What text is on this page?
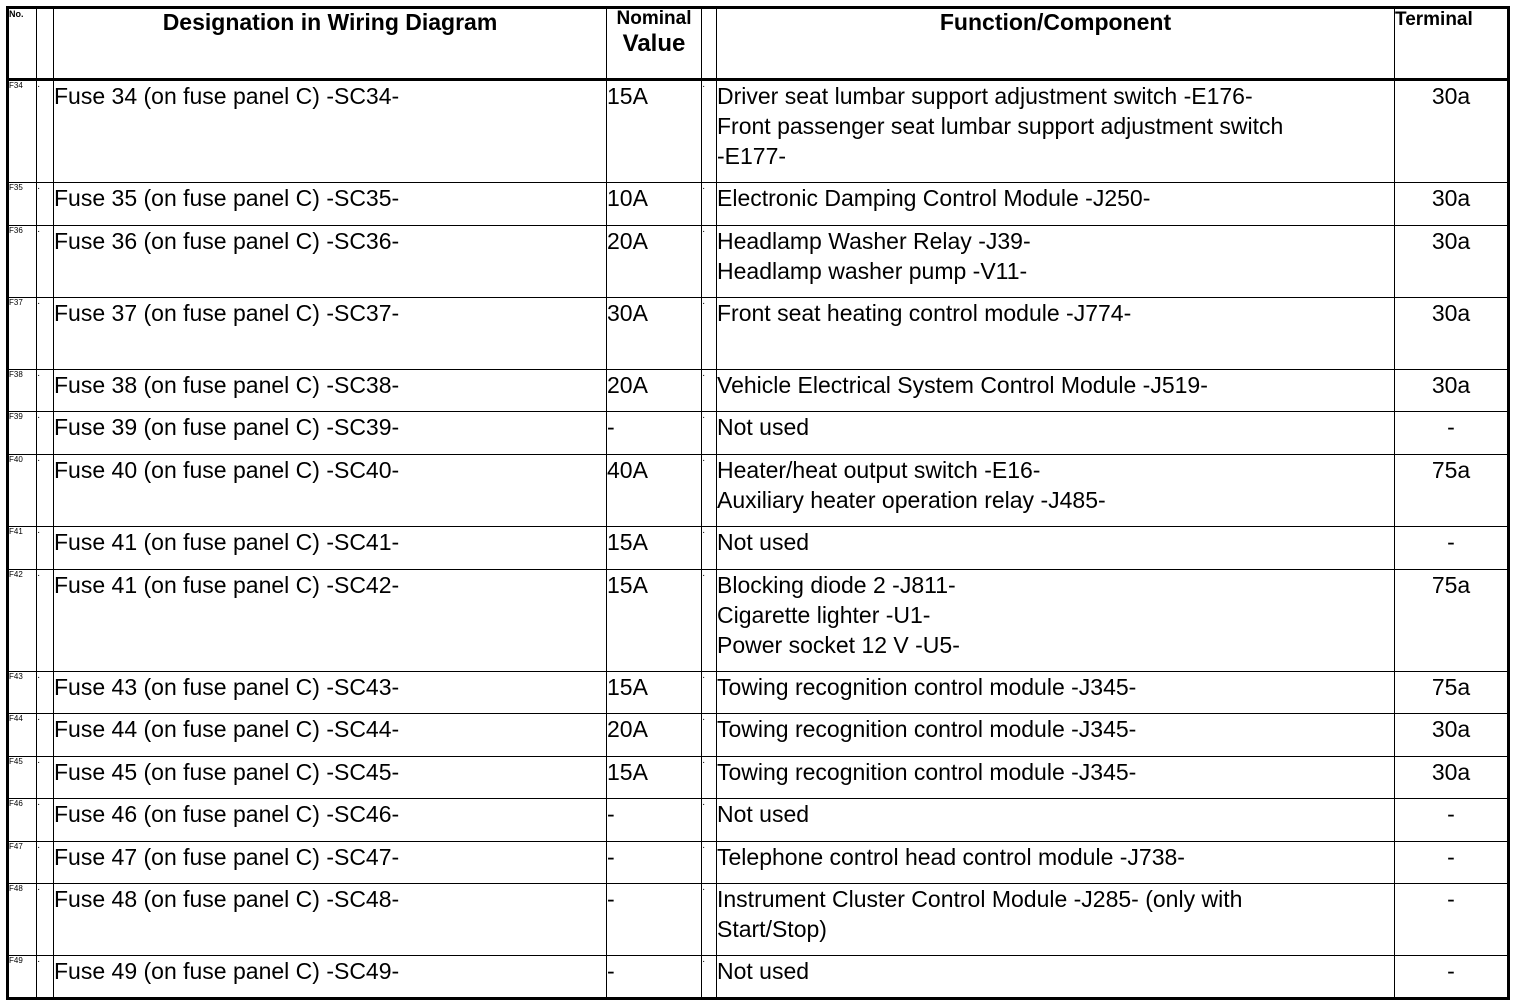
No.		Designation in Wiring Diagram	Nominal
Value		Function/Component	Terminal
F34	·	Fuse 34 (on fuse panel C) -SC34-	15A	·	Driver seat lumbar support adjustment switch -E176-
Front passenger seat lumbar support adjustment switch
-E177-	30a
F35	·	Fuse 35 (on fuse panel C) -SC35-	10A	·	Electronic Damping Control Module -J250-	30a
F36	·	Fuse 36 (on fuse panel C) -SC36-	20A	·	Headlamp Washer Relay -J39-
Headlamp washer pump -V11-	30a
F37	·	Fuse 37 (on fuse panel C) -SC37-	30A	·	Front seat heating control module -J774-	30a
F38	·	Fuse 38 (on fuse panel C) -SC38-	20A	·	Vehicle Electrical System Control Module -J519-	30a
F39	·	Fuse 39 (on fuse panel C) -SC39-	-	·	Not used	-
F40	·	Fuse 40 (on fuse panel C) -SC40-	40A	·	Heater/heat output switch -E16-
Auxiliary heater operation relay -J485-	75a
F41	·	Fuse 41 (on fuse panel C) -SC41-	15A	·	Not used	-
F42	·	Fuse 41 (on fuse panel C) -SC42-	15A	·	Blocking diode 2 -J811-
Cigarette lighter -U1-
Power socket 12 V -U5-	75a
F43	·	Fuse 43 (on fuse panel C) -SC43-	15A	·	Towing recognition control module -J345-	75a
F44	·	Fuse 44 (on fuse panel C) -SC44-	20A	·	Towing recognition control module -J345-	30a
F45	·	Fuse 45 (on fuse panel C) -SC45-	15A	·	Towing recognition control module -J345-	30a
F46	·	Fuse 46 (on fuse panel C) -SC46-	-	·	Not used	-
F47	·	Fuse 47 (on fuse panel C) -SC47-	-	·	Telephone control head control module -J738-	-
F48	·	Fuse 48 (on fuse panel C) -SC48-	-	·	Instrument Cluster Control Module -J285- (only with
Start/Stop)	-
F49	·	Fuse 49 (on fuse panel C) -SC49-	-	·	Not used	-
